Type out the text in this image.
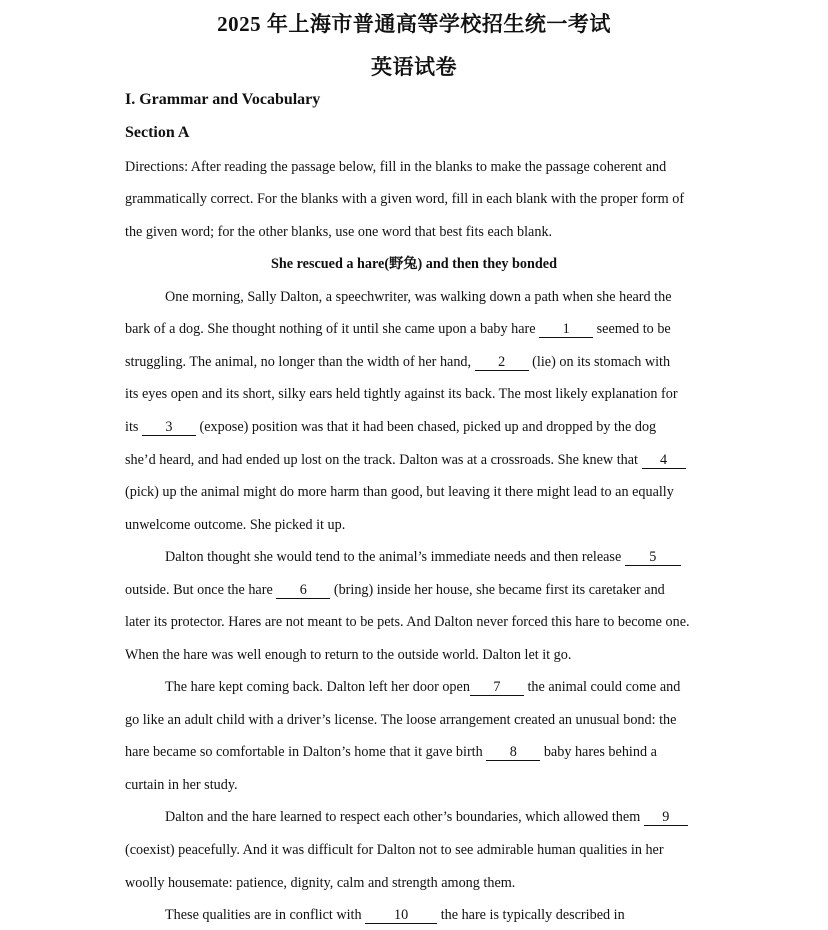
2025 年上海市普通高等学校招生统一考试
英语试卷
I. Grammar and Vocabulary
Section A
Directions: After reading the passage below, fill in the blanks to make the passage coherent and
grammatically correct. For the blanks with a given word, fill in each blank with the proper form of
the given word; for the other blanks, use one word that best fits each blank.
She rescued a hare(野兔) and then they bonded
One morning, Sally Dalton, a speechwriter, was walking down a path when she heard the
bark of a dog. She thought nothing of it until she came upon a baby hare 1 seemed to be
struggling. The animal, no longer than the width of her hand, 2 (lie) on its stomach with
its eyes open and its short, silky ears held tightly against its back. The most likely explanation for
its 3 (expose) position was that it had been chased, picked up and dropped by the dog
she’d heard, and had ended up lost on the track. Dalton was at a crossroads. She knew that 4
(pick) up the animal might do more harm than good, but leaving it there might lead to an equally
unwelcome outcome. She picked it up.
Dalton thought she would tend to the animal’s immediate needs and then release 5
outside. But once the hare 6 (bring) inside her house, she became first its caretaker and
later its protector. Hares are not meant to be pets. And Dalton never forced this hare to become one.
When the hare was well enough to return to the outside world. Dalton let it go.
The hare kept coming back. Dalton left her door open 7 the animal could come and
go like an adult child with a driver’s license. The loose arrangement created an unusual bond: the
hare became so comfortable in Dalton’s home that it gave birth 8 baby hares behind a
curtain in her study.
Dalton and the hare learned to respect each other’s boundaries, which allowed them 9
(coexist) peacefully. And it was difficult for Dalton not to see admirable human qualities in her
woolly housemate: patience, dignity, calm and strength among them.
These qualities are in conflict with 10 the hare is typically described in
